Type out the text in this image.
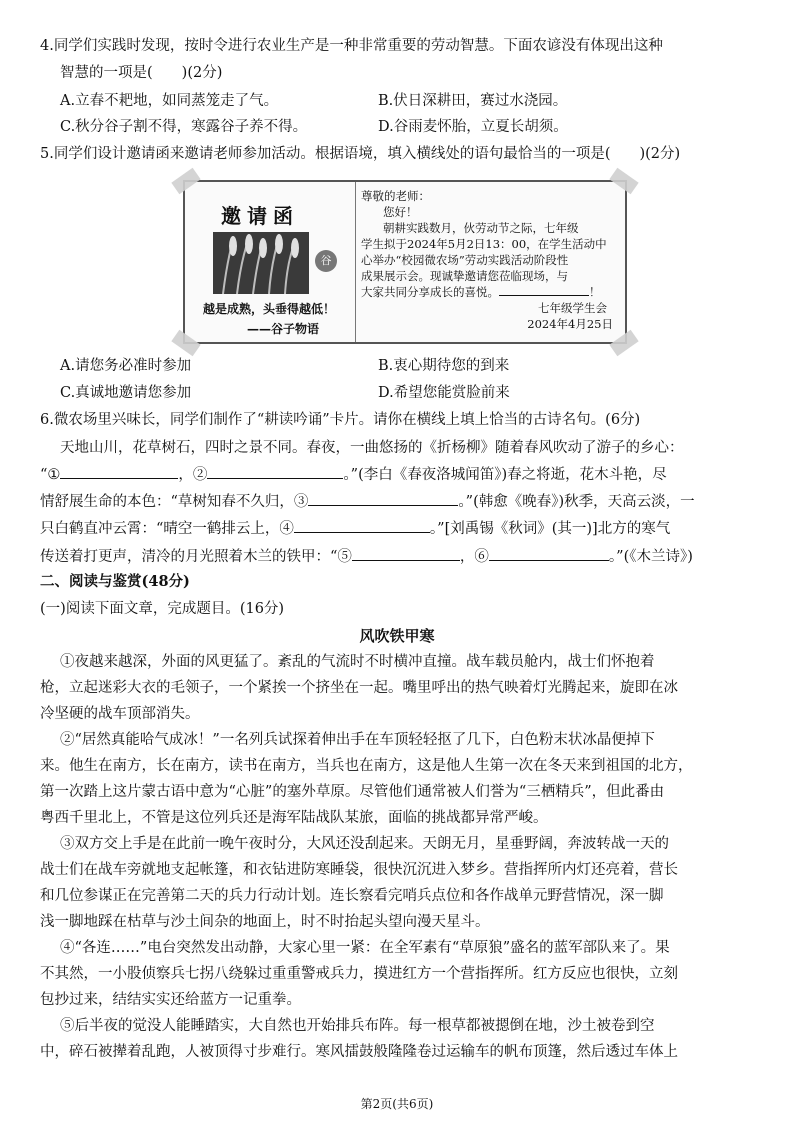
4.同学们实践时发现，按时令进行农业生产是一种非常重要的劳动智慧。下面农谚没有体现出这种
智慧的一项是(　　)(2分)
A.立春不耙地，如同蒸笼走了气。	B.伏日深耕田，赛过水浇园。
C.秋分谷子割不得，寒露谷子养不得。	D.谷雨麦怀胎，立夏长胡须。
5.同学们设计邀请函来邀请老师参加活动。根据语境，填入横线处的语句最恰当的一项是(　　)(2分)
邀请函
谷
越是成熟，头垂得越低！
——谷子物语
尊敬的老师：
您好！
朝耕实践数月，伙劳动节之际，七年级
学生拟于2024年5月2日13：00，在学生活动中
心举办“校园微农场”劳动实践活动阶段性
成果展示会。现诚挚邀请您莅临现场，与
大家共同分享成长的喜悦。	！
七年级学生会
2024年4月25日
A.请您务必准时参加	B.衷心期待您的到来
C.真诚地邀请您参加	D.希望您能赏脸前来
6.微农场里兴味长，同学们制作了“耕读吟诵”卡片。请你在横线上填上恰当的古诗名句。(6分)
天地山川，花草树石，四时之景不同。春夜，一曲悠扬的《折杨柳》随着春风吹动了游子的乡心：
“①	，②	。”(李白《春夜洛城闻笛》)春之将逝，花木斗艳，尽
情舒展生命的本色：“草树知春不久归，③	。”(韩愈《晚春》)秋季，天高云淡，一
只白鹤直冲云霄：“晴空一鹤排云上，④	。”[刘禹锡《秋词》(其一)]北方的寒气
传送着打更声，清冷的月光照着木兰的铁甲：“⑤	，⑥	。”(《木兰诗》)
二、阅读与鉴赏(48分)
(一)阅读下面文章，完成题目。(16分)
风吹铁甲寒
①夜越来越深，外面的风更猛了。紊乱的气流时不时横冲直撞。战车载员舱内，战士们怀抱着
枪，立起迷彩大衣的毛领子，一个紧挨一个挤坐在一起。嘴里呼出的热气映着灯光腾起来，旋即在冰
冷坚硬的战车顶部消失。
②“居然真能哈气成冰！”一名列兵试探着伸出手在车顶轻轻抠了几下，白色粉末状冰晶便掉下
来。他生在南方，长在南方，读书在南方，当兵也在南方，这是他人生第一次在冬天来到祖国的北方，
第一次踏上这片蒙古语中意为“心脏”的塞外草原。尽管他们通常被人们誉为“三栖精兵”，但此番由
粤西千里北上，不管是这位列兵还是海军陆战队某旅，面临的挑战都异常严峻。
③双方交上手是在此前一晚午夜时分，大风还没刮起来。天朗无月，星垂野阔，奔波转战一天的
战士们在战车旁就地支起帐篷，和衣钻进防寒睡袋，很快沉沉进入梦乡。营指挥所内灯还亮着，营长
和几位参谋正在完善第二天的兵力行动计划。连长察看完哨兵点位和各作战单元野营情况，深一脚
浅一脚地踩在枯草与沙土间杂的地面上，时不时抬起头望向漫天星斗。
④“各连……”电台突然发出动静，大家心里一紧：在全军素有“草原狼”盛名的蓝军部队来了。果
不其然，一小股侦察兵七拐八绕躲过重重警戒兵力，摸进红方一个营指挥所。红方反应也很快，立刻
包抄过来，结结实实还给蓝方一记重拳。
⑤后半夜的觉没人能睡踏实，大自然也开始排兵布阵。每一根草都被摁倒在地，沙土被卷到空
中，碎石被撵着乱跑，人被顶得寸步难行。寒风擂鼓般隆隆卷过运输车的帆布顶篷，然后透过车体上
第2页(共6页)
